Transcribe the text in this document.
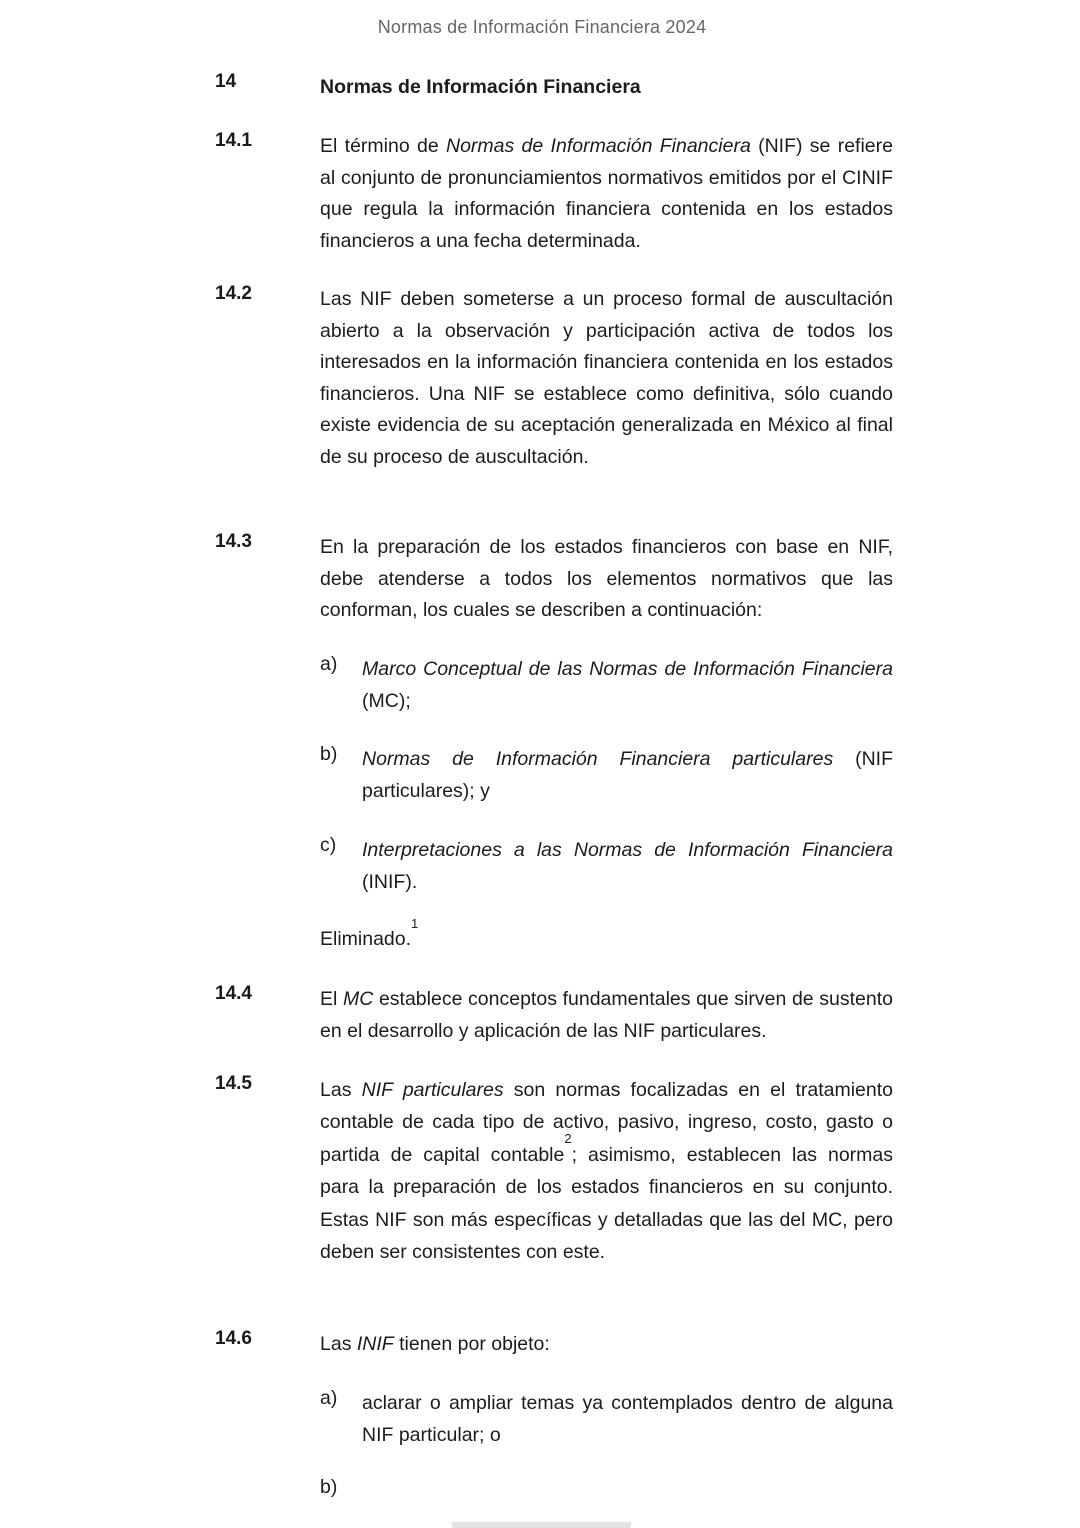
Normas de Información Financiera 2024
14	Normas de Información Financiera
14.1	El término de Normas de Información Financiera (NIF) se refiere al conjunto de pronunciamientos normativos emitidos por el CINIF que regula la información financiera contenida en los estados financieros a una fecha determinada.
14.2	Las NIF deben someterse a un proceso formal de auscultación abierto a la observación y participación activa de todos los interesados en la información financiera contenida en los estados financieros. Una NIF se establece como definitiva, sólo cuando existe evidencia de su aceptación generalizada en México al final de su proceso de auscultación.
14.3	En la preparación de los estados financieros con base en NIF, debe atenderse a todos los elementos normativos que las conforman, los cuales se describen a continuación:
a) Marco Conceptual de las Normas de Información Financiera (MC);
b) Normas de Información Financiera particulares (NIF particulares); y
c) Interpretaciones a las Normas de Información Financiera (INIF).
Eliminado.$^1$
14.4	El MC establece conceptos fundamentales que sirven de sustento en el desarrollo y aplicación de las NIF particulares.
14.5	Las NIF particulares son normas focalizadas en el tratamiento contable de cada tipo de activo, pasivo, ingreso, costo, gasto o partida de capital contable$^2$; asimismo, establecen las normas para la preparación de los estados financieros en su conjunto. Estas NIF son más específicas y detalladas que las del MC, pero deben ser consistentes con este.
14.6	Las INIF tienen por objeto:
a) aclarar o ampliar temas ya contemplados dentro de alguna NIF particular; o
b)
